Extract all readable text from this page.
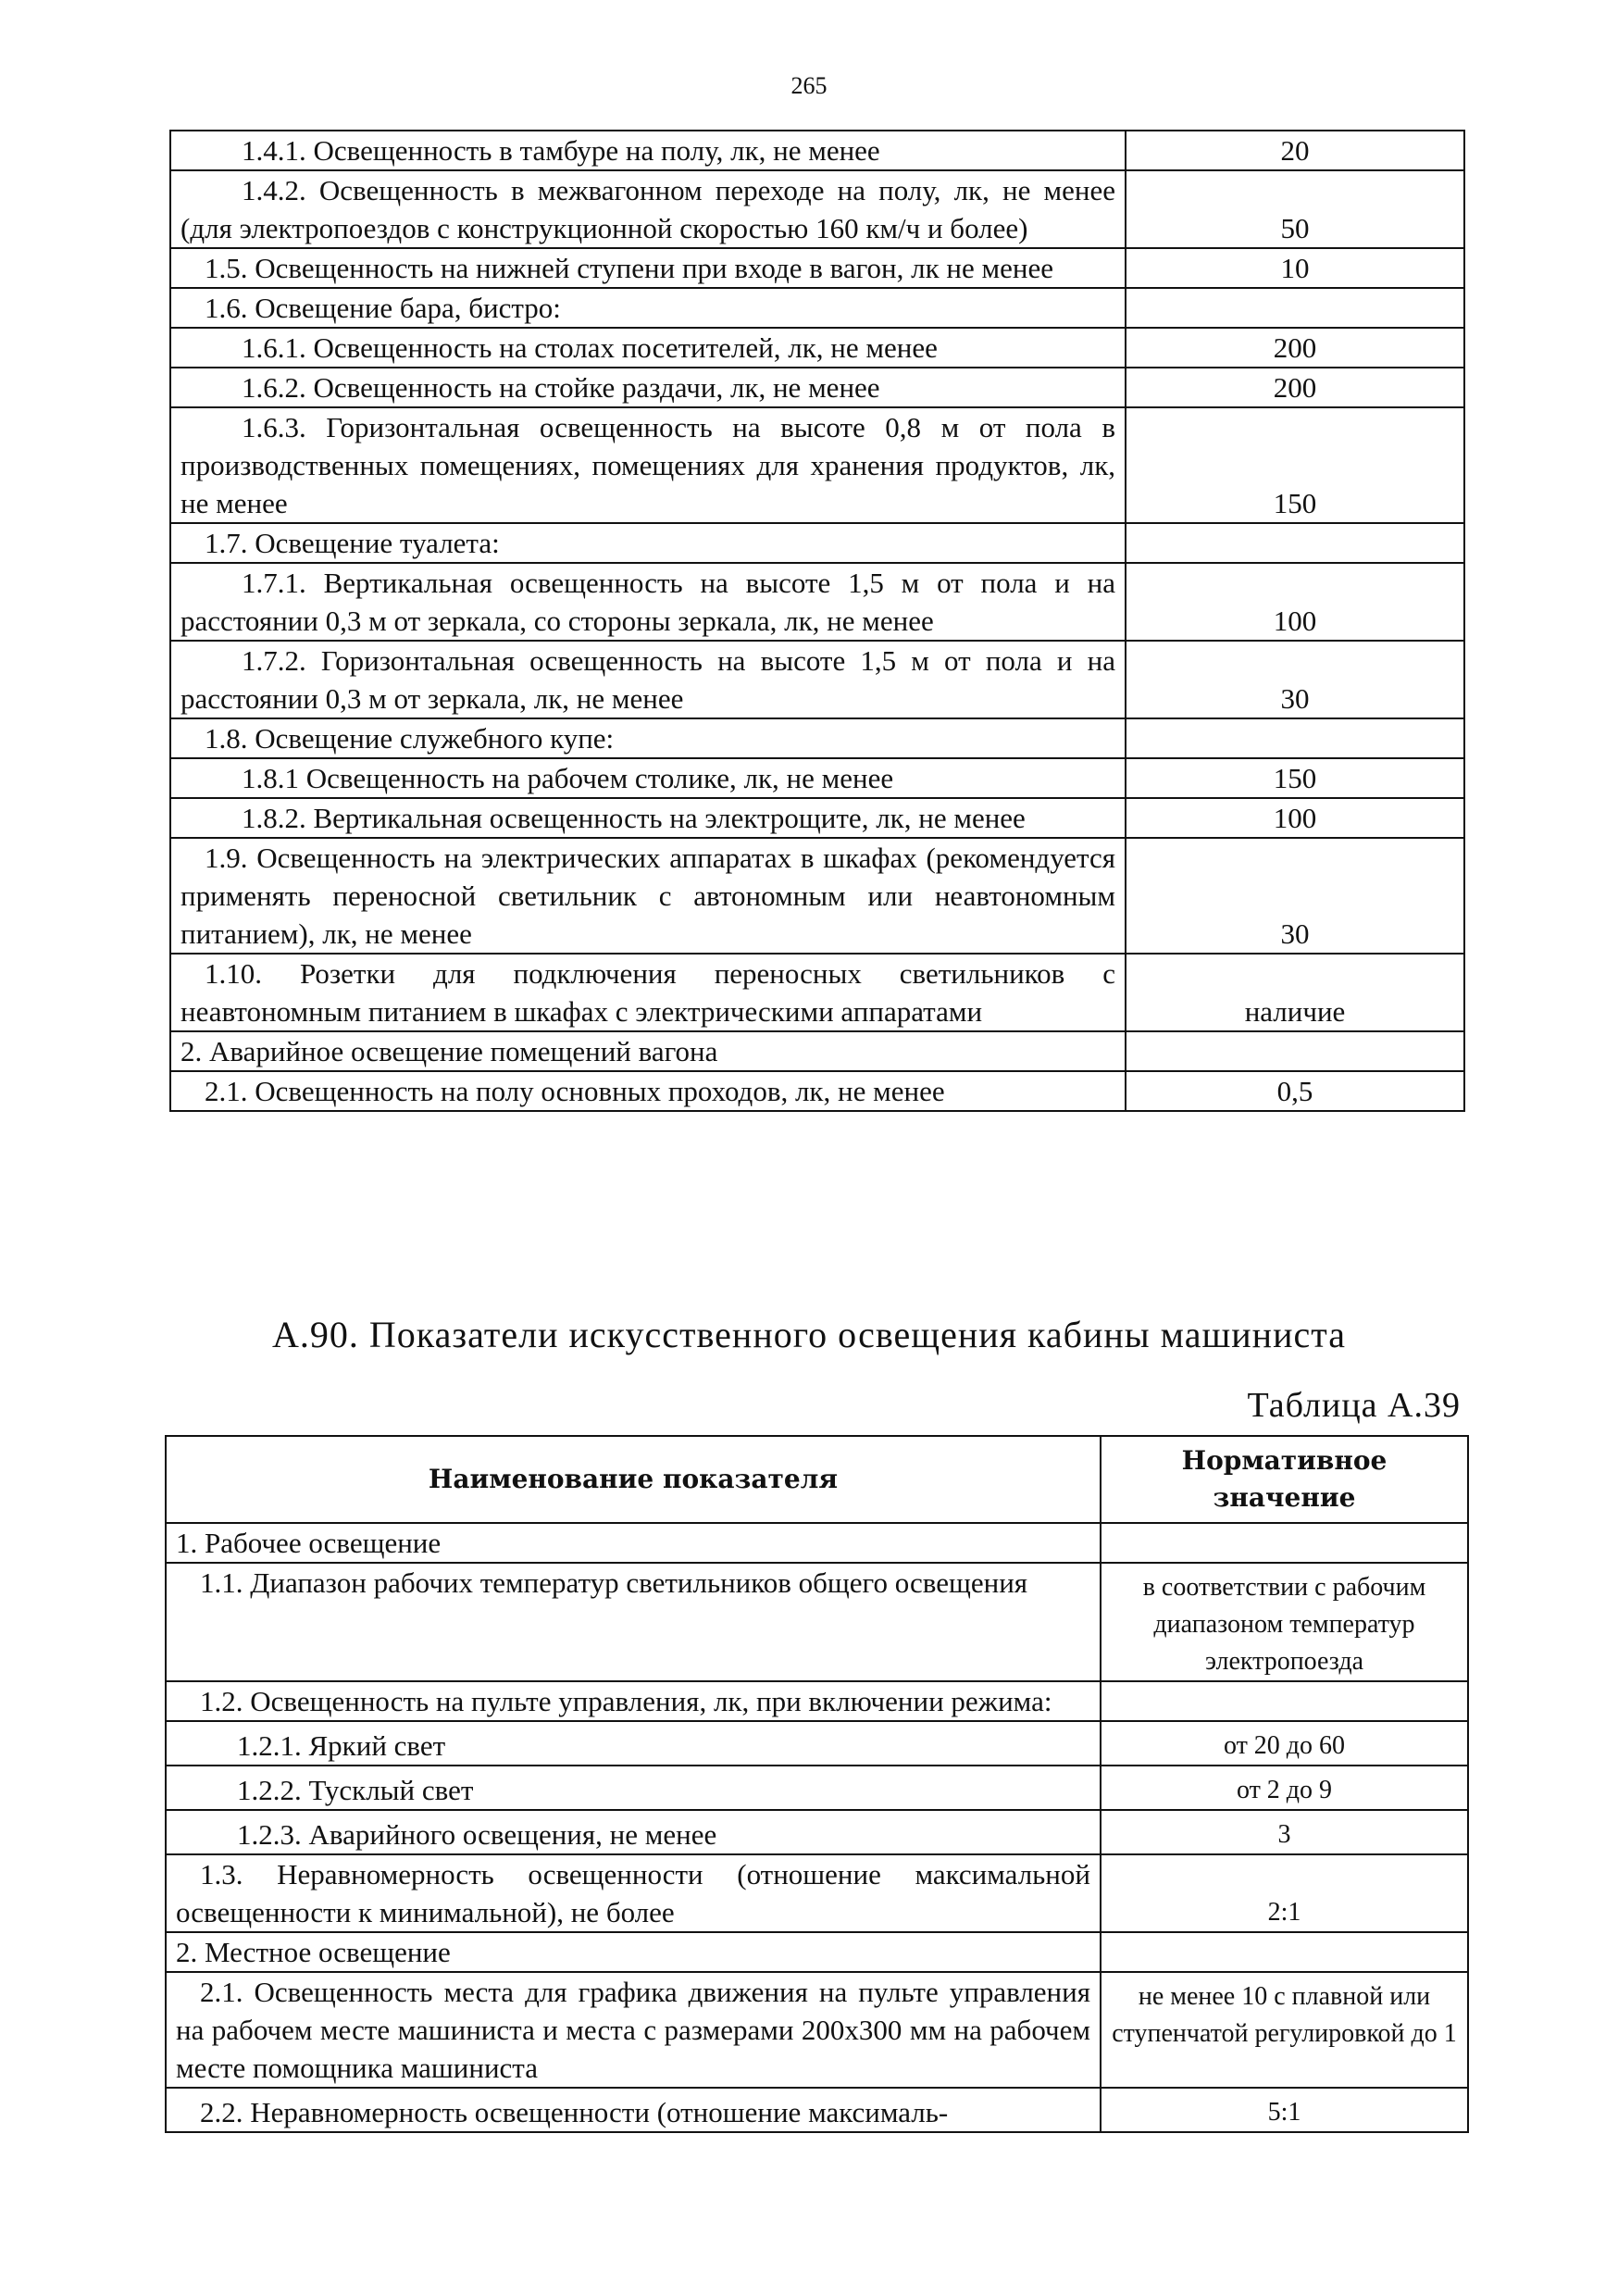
265
1.4.1. Освещенность в тамбуре на полу, лк, не менее	20
1.4.2. Освещенность в межвагонном переходе на полу, лк, не менее (для электропоездов с конструкционной скоростью 160 км/ч и более)	50
1.5. Освещенность на нижней ступени при входе в вагон, лк не менее	10
1.6. Освещение бара, бистро:	
1.6.1. Освещенность на столах посетителей, лк, не менее	200
1.6.2. Освещенность на стойке раздачи, лк, не менее	200
1.6.3. Горизонтальная освещенность на высоте 0,8 м от пола в производственных помещениях, помещениях для хранения продуктов, лк, не менее	150
1.7. Освещение туалета:	
1.7.1. Вертикальная освещенность на высоте 1,5 м от пола и на расстоянии 0,3 м от зеркала, со стороны зеркала, лк, не менее	100
1.7.2. Горизонтальная освещенность на высоте 1,5 м от пола и на расстоянии 0,3 м от зеркала, лк, не менее	30
1.8. Освещение служебного купе:	
1.8.1 Освещенность на рабочем столике, лк, не менее	150
1.8.2. Вертикальная освещенность на электрощите, лк, не менее	100
1.9. Освещенность на электрических аппаратах в шкафах (рекомендуется применять переносной светильник с автономным или неавтономным питанием), лк, не менее	30
1.10. Розетки для подключения переносных светильников с неавтономным питанием в шкафах с электрическими аппаратами	наличие
2. Аварийное освещение помещений вагона	
2.1. Освещенность на полу основных проходов, лк, не менее	0,5
А.90. Показатели искусственного освещения кабины машиниста
Таблица А.39
Наименование показателя	Нормативное значение
1. Рабочее освещение	
1.1. Диапазон рабочих температур светильников общего освещения	в соответствии с рабочим диапазоном температур электропоезда
1.2. Освещенность на пульте управления, лк, при включении режима:	
1.2.1. Яркий свет	от 20 до 60
1.2.2. Тусклый свет	от 2 до 9
1.2.3. Аварийного освещения, не менее	3
1.3. Неравномерность освещенности (отношение максимальной освещенности к минимальной), не более	2:1
2. Местное освещение	
2.1. Освещенность места для графика движения на пульте управления на рабочем месте машиниста и места с размерами 200х300 мм на рабочем месте помощника машиниста	не менее 10 с плавной или ступенчатой регулировкой до 1
2.2. Неравномерность освещенности (отношение максималь-	5:1
